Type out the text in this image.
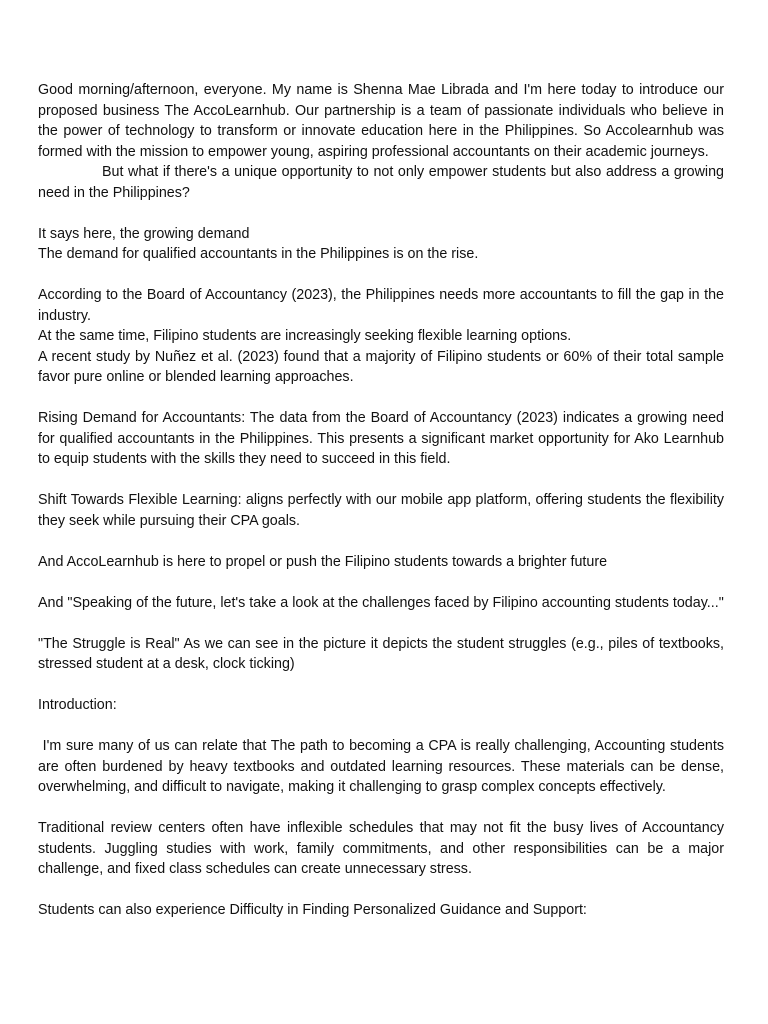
Good morning/afternoon, everyone. My name is Shenna Mae Librada and I'm here today to introduce our proposed business The AccoLearnhub. Our partnership is a team of passionate individuals who believe in the power of technology to transform or innovate education here in the Philippines. So Accolearnhub was formed with the mission to empower young, aspiring professional accountants on their academic journeys.

But what if there's a unique opportunity to not only empower students but also address a growing need in the Philippines?

It says here, the growing demand

The demand for qualified accountants in the Philippines is on the rise.

According to the Board of Accountancy (2023), the Philippines needs more accountants to fill the gap in the industry.

At the same time, Filipino students are increasingly seeking flexible learning options.

A recent study by Nuñez et al. (2023) found that a majority of Filipino students or 60% of their total sample favor pure online or blended learning approaches.

Rising Demand for Accountants: The data from the Board of Accountancy (2023) indicates a growing need for qualified accountants in the Philippines. This presents a significant market opportunity for Ako Learnhub to equip students with the skills they need to succeed in this field.

Shift Towards Flexible Learning: aligns perfectly with our mobile app platform, offering students the flexibility they seek while pursuing their CPA goals.

And AccoLearnhub is here to propel or push the Filipino students towards a brighter future

And "Speaking of the future, let's take a look at the challenges faced by Filipino accounting students today..."

"The Struggle is Real" As we can see in the picture it depicts the student struggles (e.g., piles of textbooks, stressed student at a desk, clock ticking)

Introduction:

I'm sure many of us can relate that The path to becoming a CPA is really challenging, Accounting students are often burdened by heavy textbooks and outdated learning resources. These materials can be dense, overwhelming, and difficult to navigate, making it challenging to grasp complex concepts effectively.

Traditional review centers often have inflexible schedules that may not fit the busy lives of Accountancy students. Juggling studies with work, family commitments, and other responsibilities can be a major challenge, and fixed class schedules can create unnecessary stress.

Students can also experience Difficulty in Finding Personalized Guidance and Support:
